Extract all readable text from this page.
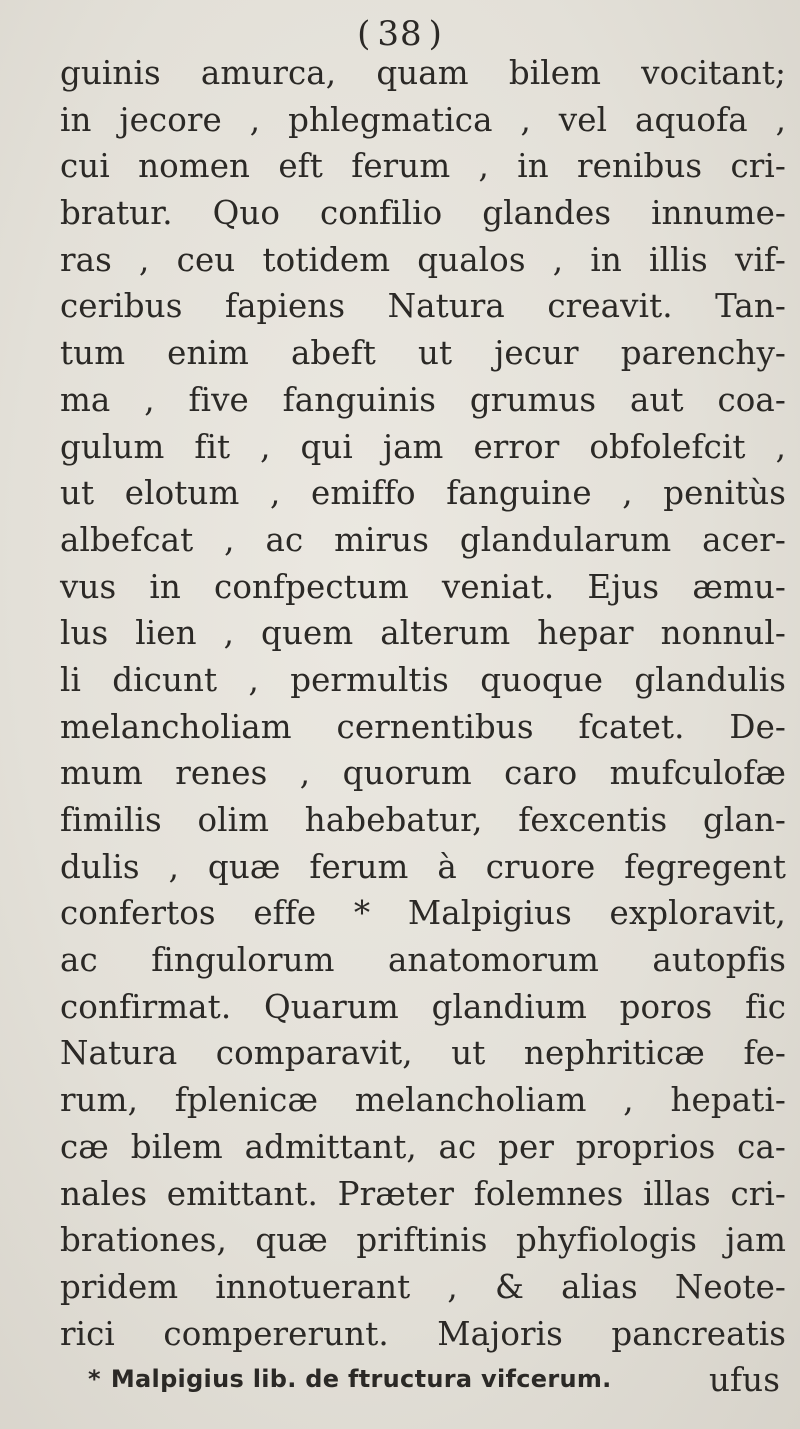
( 38 )
guinis amurca, quam bilem vocitant;
in jecore , phlegmatica , vel aquofa ,
cui nomen eft ferum , in renibus cri-
bratur. Quo confilio glandes innume-
ras , ceu totidem qualos , in illis vif-
ceribus fapiens Natura creavit. Tan-
tum enim abeft ut jecur parenchy-
ma , five fanguinis grumus aut coa-
gulum fit , qui jam error obfolefcit ,
ut elotum , emiffo fanguine , penitùs
albefcat , ac mirus glandularum acer-
vus in confpectum veniat. Ejus æmu-
lus lien , quem alterum hepar nonnul-
li dicunt , permultis quoque glandulis
melancholiam cernentibus fcatet. De-
mum renes , quorum caro mufculofæ
fimilis olim habebatur, fexcentis glan-
dulis , quæ ferum à cruore fegregent
confertos effe * Malpigius exploravit,
ac fingulorum anatomorum autopfis
confirmat. Quarum glandium poros fic
Natura comparavit, ut nephriticæ fe-
rum, fplenicæ melancholiam , hepati-
cæ bilem admittant, ac per proprios ca-
nales emittant. Præter folemnes illas cri-
brationes, quæ priftinis phyfiologis jam
pridem innotuerant , & alias Neote-
rici compererunt. Majoris pancreatis
ufus
* Malpigius lib. de ftructura vifcerum.
